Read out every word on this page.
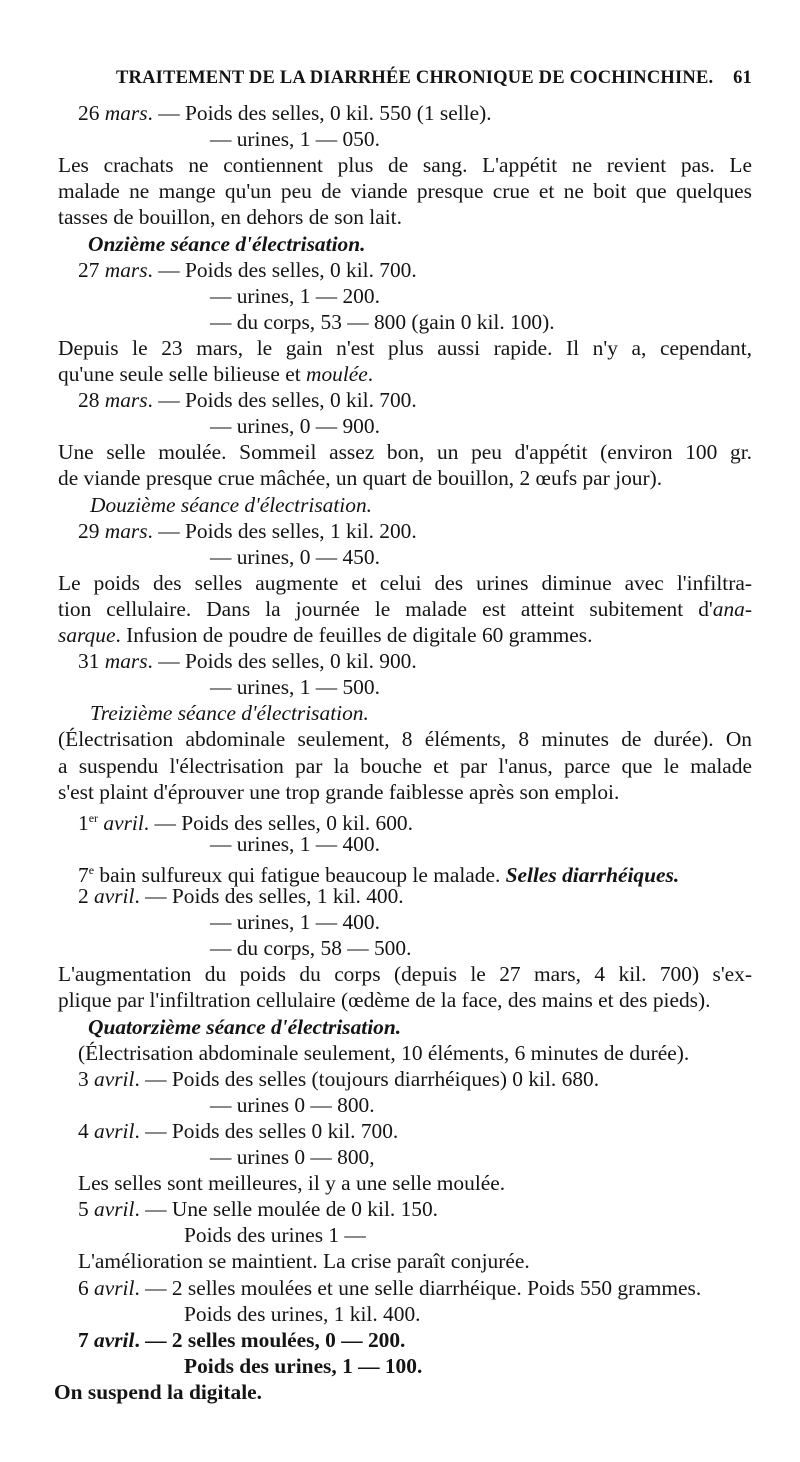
TRAITEMENT DE LA DIARRHÉE CHRONIQUE DE COCHINCHINE. 61
26 mars. — Poids des selles, 0 kil. 550 (1 selle).
— urines, 1 — 050.
Les crachats ne contiennent plus de sang. L'appétit ne revient pas. Le
malade ne mange qu'un peu de viande presque crue et ne boit que quelques
tasses de bouillon, en dehors de son lait.
Onzième séance d'électrisation.
27 mars. — Poids des selles, 0 kil. 700.
— urines, 1 — 200.
— du corps, 53 — 800 (gain 0 kil. 100).
Depuis le 23 mars, le gain n'est plus aussi rapide. Il n'y a, cependant,
qu'une seule selle bilieuse et moulée.
28 mars. — Poids des selles, 0 kil. 700.
— urines, 0 — 900.
Une selle moulée. Sommeil assez bon, un peu d'appétit (environ 100 gr.
de viande presque crue mâchée, un quart de bouillon, 2 œufs par jour).
Douzième séance d'électrisation.
29 mars. — Poids des selles, 1 kil. 200.
— urines, 0 — 450.
Le poids des selles augmente et celui des urines diminue avec l'infiltra-
tion cellulaire. Dans la journée le malade est atteint subitement d'ana-
sarque. Infusion de poudre de feuilles de digitale 60 grammes.
31 mars. — Poids des selles, 0 kil. 900.
— urines, 1 — 500.
Treizième séance d'électrisation.
(Électrisation abdominale seulement, 8 éléments, 8 minutes de durée). On
a suspendu l'électrisation par la bouche et par l'anus, parce que le malade
s'est plaint d'éprouver une trop grande faiblesse après son emploi.
1er avril. — Poids des selles, 0 kil. 600.
— urines, 1 — 400.
7e bain sulfureux qui fatigue beaucoup le malade. Selles diarrhéiques.
2 avril. — Poids des selles, 1 kil. 400.
— urines, 1 — 400.
— du corps, 58 — 500.
L'augmentation du poids du corps (depuis le 27 mars, 4 kil. 700) s'ex-
plique par l'infiltration cellulaire (œdème de la face, des mains et des pieds).
Quatorzième séance d'électrisation.
(Électrisation abdominale seulement, 10 éléments, 6 minutes de durée).
3 avril. — Poids des selles (toujours diarrhéiques) 0 kil. 680.
— urines 0 — 800.
4 avril. — Poids des selles 0 kil. 700.
— urines 0 — 800,
Les selles sont meilleures, il y a une selle moulée.
5 avril. — Une selle moulée de 0 kil. 150.
Poids des urines 1 —
L'amélioration se maintient. La crise paraît conjurée.
6 avril. — 2 selles moulées et une selle diarrhéique. Poids 550 grammes.
Poids des urines, 1 kil. 400.
7 avril. — 2 selles moulées, 0 — 200.
Poids des urines, 1 — 100.
On suspend la digitale.
